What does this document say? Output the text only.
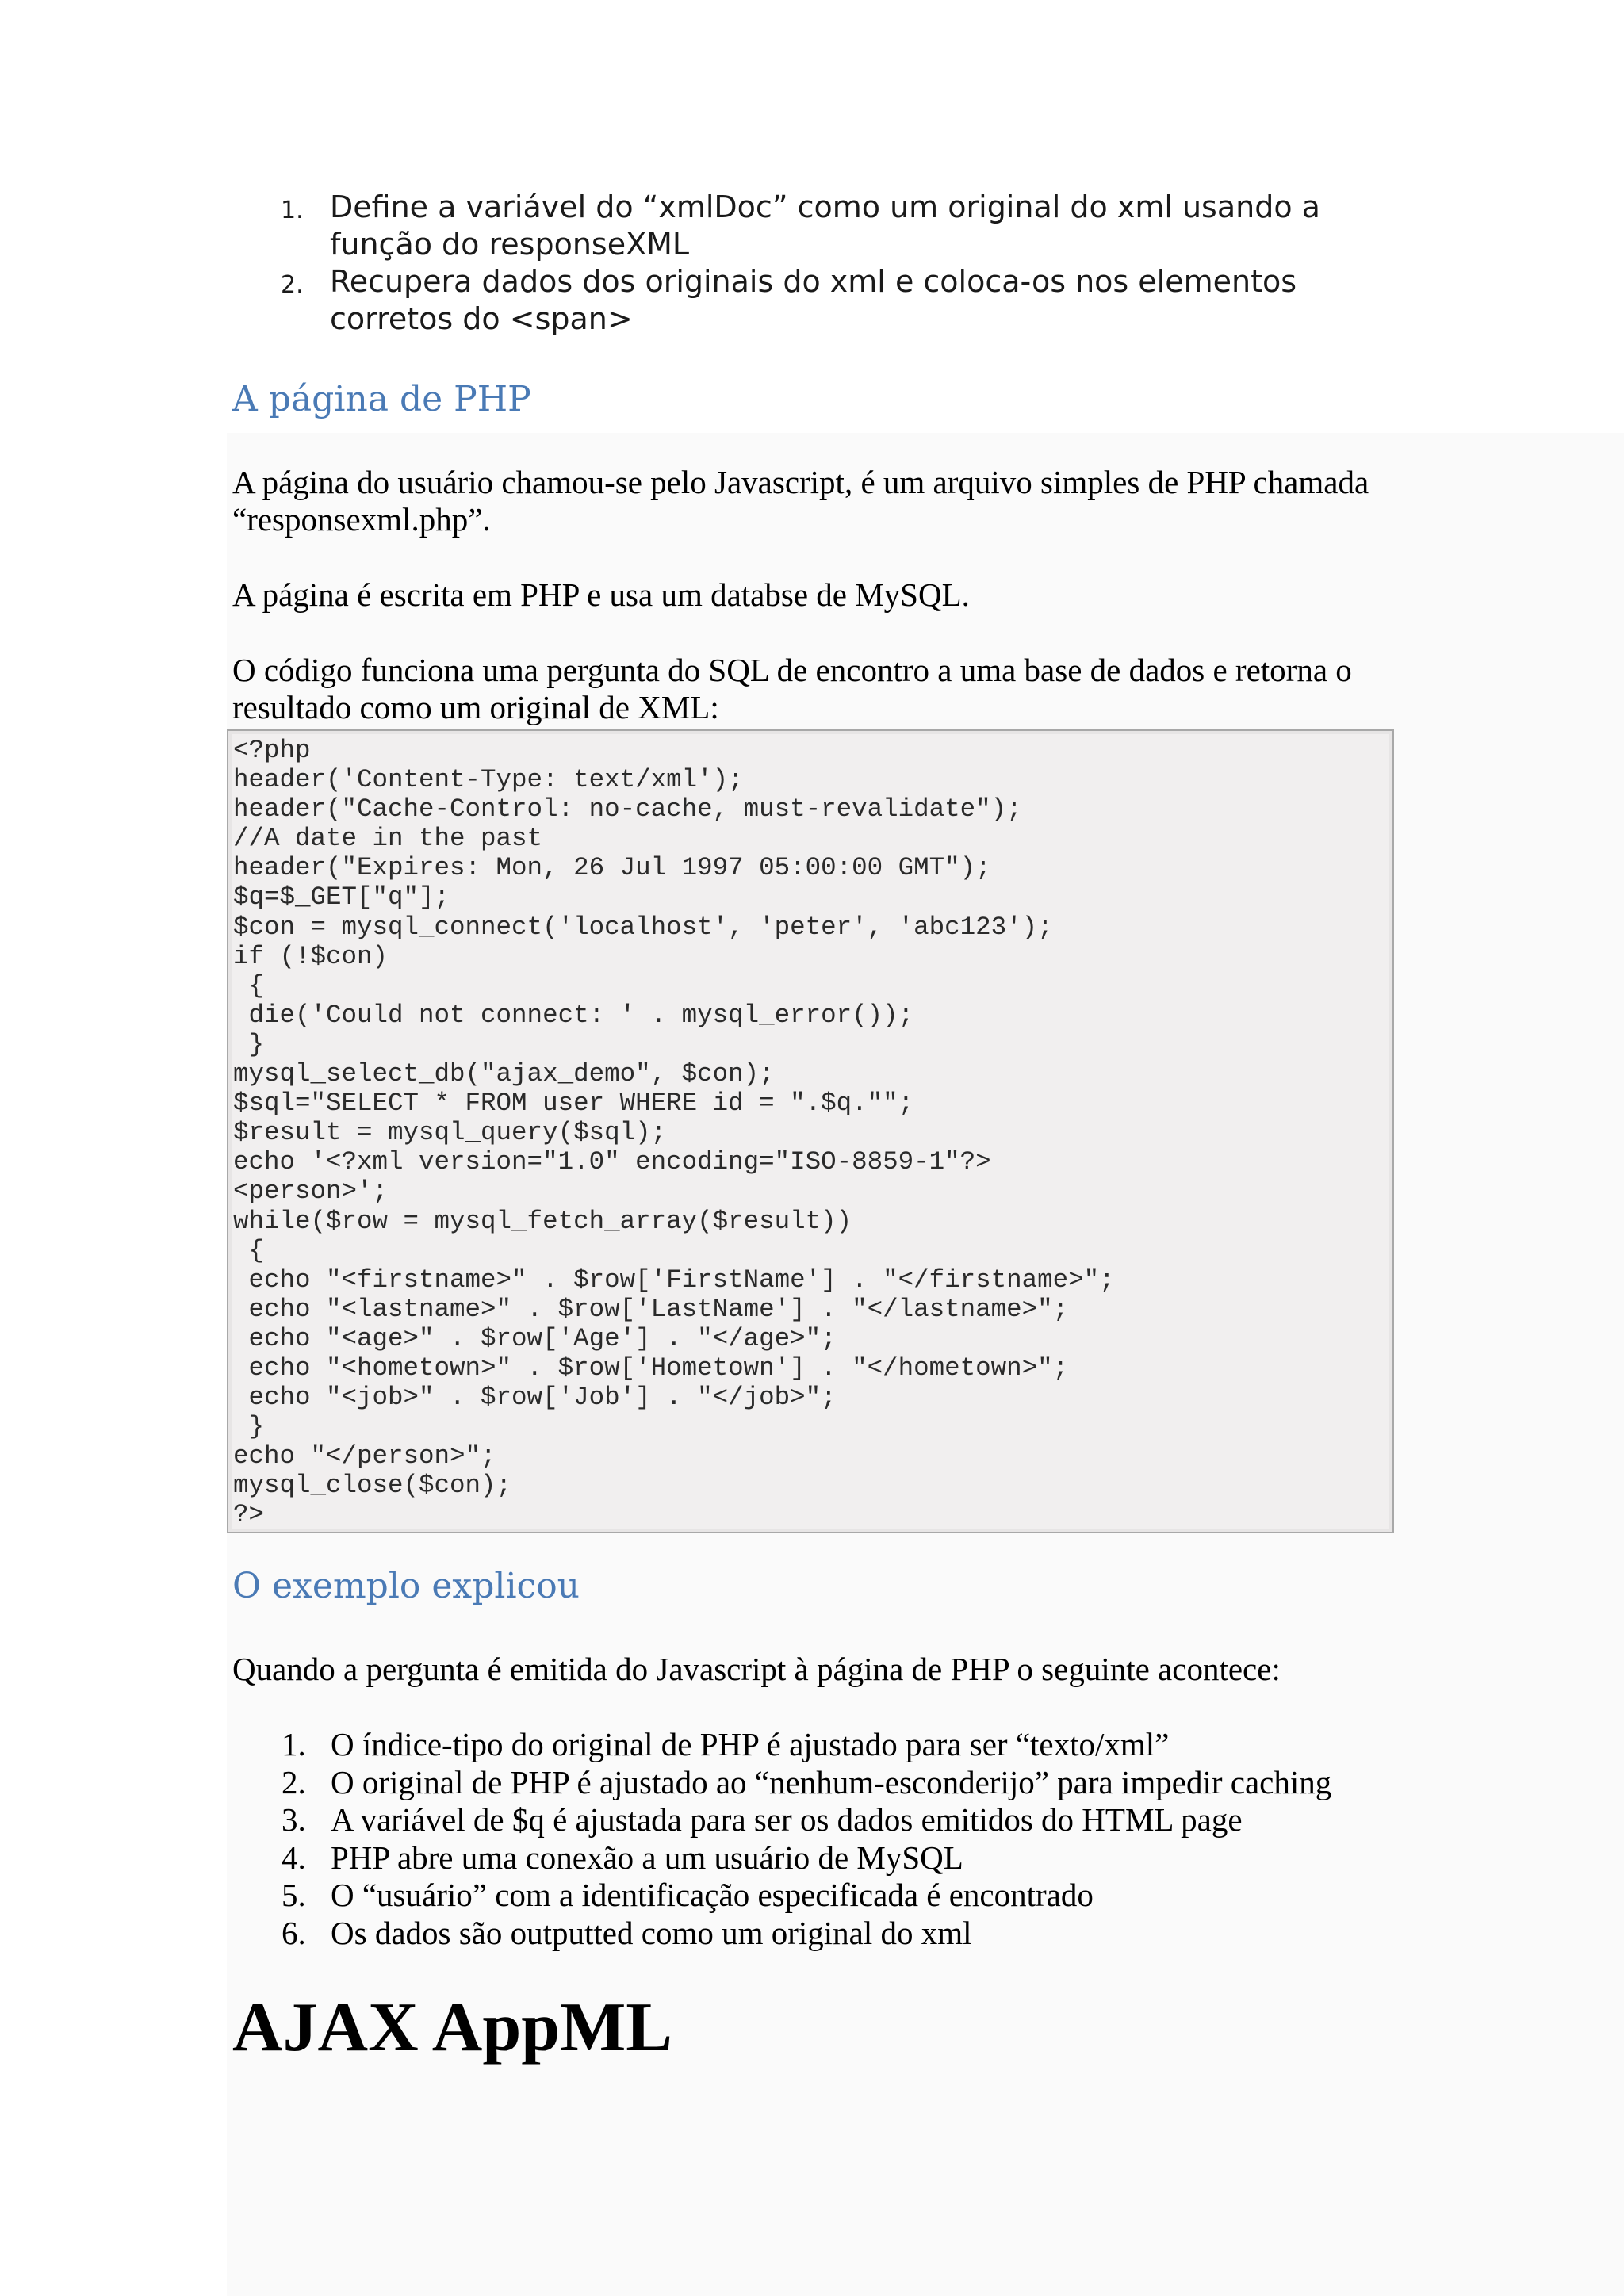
1. Define a variável do “xmlDoc” como um original do xml usando a função do responseXML
2. Recupera dados dos originais do xml e coloca-os nos elementos corretos do <span>
A página de PHP

A página do usuário chamou-se pelo Javascript, é um arquivo simples de PHP chamada “responsexml.php”.

A página é escrita em PHP e usa um databse de MySQL.

O código funciona uma pergunta do SQL de encontro a uma base de dados e retorna o resultado como um original de XML:

<?php
header('Content-Type: text/xml');
header("Cache-Control: no-cache, must-revalidate");
//A date in the past
header("Expires: Mon, 26 Jul 1997 05:00:00 GMT");
$q=$_GET["q"];
$con = mysql_connect('localhost', 'peter', 'abc123');
if (!$con)
{
die('Could not connect: ' . mysql_error());
}
mysql_select_db("ajax_demo", $con);
$sql="SELECT * FROM user WHERE id = ".$q."";
$result = mysql_query($sql);
echo '<?xml version="1.0" encoding="ISO-8859-1"?>
<person>';
while($row = mysql_fetch_array($result))
{
echo "<firstname>" . $row['FirstName'] . "</firstname>";
echo "<lastname>" . $row['LastName'] . "</lastname>";
echo "<age>" . $row['Age'] . "</age>";
echo "<hometown>" . $row['Hometown'] . "</hometown>";
echo "<job>" . $row['Job'] . "</job>";
}
echo "</person>";
mysql_close($con);
?>
O exemplo explicou

Quando a pergunta é emitida do Javascript à página de PHP o seguinte acontece:

1. O índice-tipo do original de PHP é ajustado para ser “texto/xml”
2. O original de PHP é ajustado ao “nenhum-esconderijo” para impedir caching
3. A variável de $q é ajustada para ser os dados emitidos do HTML page
4. PHP abre uma conexão a um usuário de MySQL
5. O “usuário” com a identificação especificada é encontrado
6. Os dados são outputted como um original do xml
AJAX AppML
